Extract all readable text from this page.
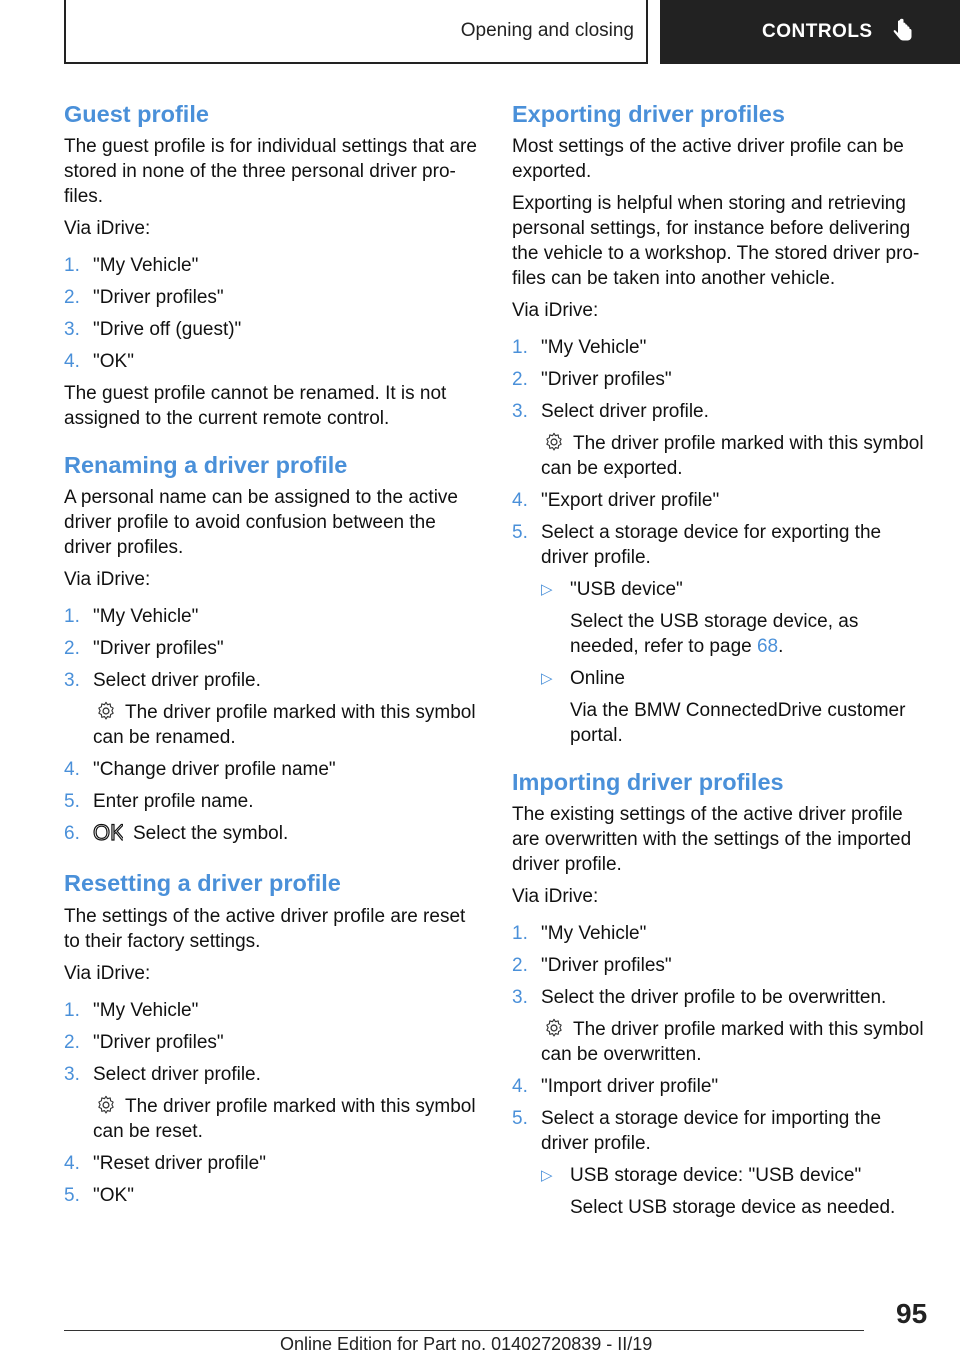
Opening and closing	CONTROLS
Guest profile

The guest profile is for individual settings that are stored in none of the three personal driver pro-files.

Via iDrive:

1. "My Vehicle"
2. "Driver profiles"
3. "Drive off (guest)"
4. "OK"

The guest profile cannot be renamed. It is not assigned to the current remote control.

Renaming a driver profile

A personal name can be assigned to the active driver profile to avoid confusion between the driver profiles.

Via iDrive:

1. "My Vehicle"
2. "Driver profiles"
3. Select driver profile.
The driver profile marked with this symbol can be renamed.
4. "Change driver profile name"
5. Enter profile name.
6. OK Select the symbol.
Resetting a driver profile

The settings of the active driver profile are reset to their factory settings.

Via iDrive:

1. "My Vehicle"
2. "Driver profiles"
3. Select driver profile.
The driver profile marked with this symbol can be reset.
4. "Reset driver profile"
5. "OK"
Exporting driver profiles

Most settings of the active driver profile can be exported.

Exporting is helpful when storing and retrieving personal settings, for instance before delivering the vehicle to a workshop. The stored driver pro-files can be taken into another vehicle.

Via iDrive:

1. "My Vehicle"
2. "Driver profiles"
3. Select driver profile.
The driver profile marked with this symbol can be exported.
4. "Export driver profile"
5. Select a storage device for exporting the driver profile.
▷ "USB device"
Select the USB storage device, as needed, refer to page 68.
▷ Online
Via the BMW ConnectedDrive customer portal.
Importing driver profiles

The existing settings of the active driver profile are overwritten with the settings of the imported driver profile.

Via iDrive:

1. "My Vehicle"
2. "Driver profiles"
3. Select the driver profile to be overwritten.
The driver profile marked with this symbol can be overwritten.
4. "Import driver profile"
5. Select a storage device for importing the driver profile.
▷ USB storage device: "USB device"
Select USB storage device as needed.
95
Online Edition for Part no. 01402720839 - II/19
